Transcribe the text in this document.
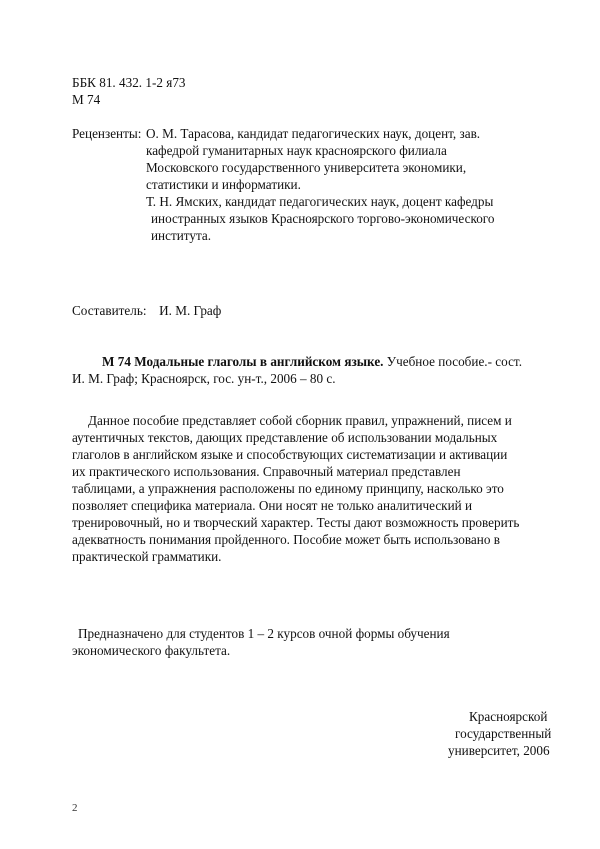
ББК 81. 432. 1-2 я73
М 74
Рецензенты: О. М. Тарасова, кандидат педагогических наук, доцент, зав.
кафедрой гуманитарных наук красноярского филиала
Московского государственного университета экономики,
статистики и информатики.
Т. Н. Ямских, кандидат педагогических наук, доцент кафедры
иностранных языков Красноярского торгово-экономического
института.
Составитель: И. М. Граф
М 74 Модальные глаголы в английском языке. Учебное пособие.- сост.
И. М. Граф; Красноярск, гос. ун-т., 2006 – 80 с.
Данное пособие представляет собой сборник правил, упражнений, писем и
аутентичных текстов, дающих представление об использовании модальных
глаголов в английском языке и способствующих систематизации и активации
их практического использования. Справочный материал представлен
таблицами, а упражнения расположены по единому принципу, насколько это
позволяет специфика материала. Они носят не только аналитический и
тренировочный, но и творческий характер. Тесты дают возможность проверить
адекватность понимания пройденного. Пособие может быть использовано в
практической грамматики.
Предназначено для студентов 1 – 2 курсов очной формы обучения
экономического факультета.
Красноярской
государственный
университет, 2006
2
